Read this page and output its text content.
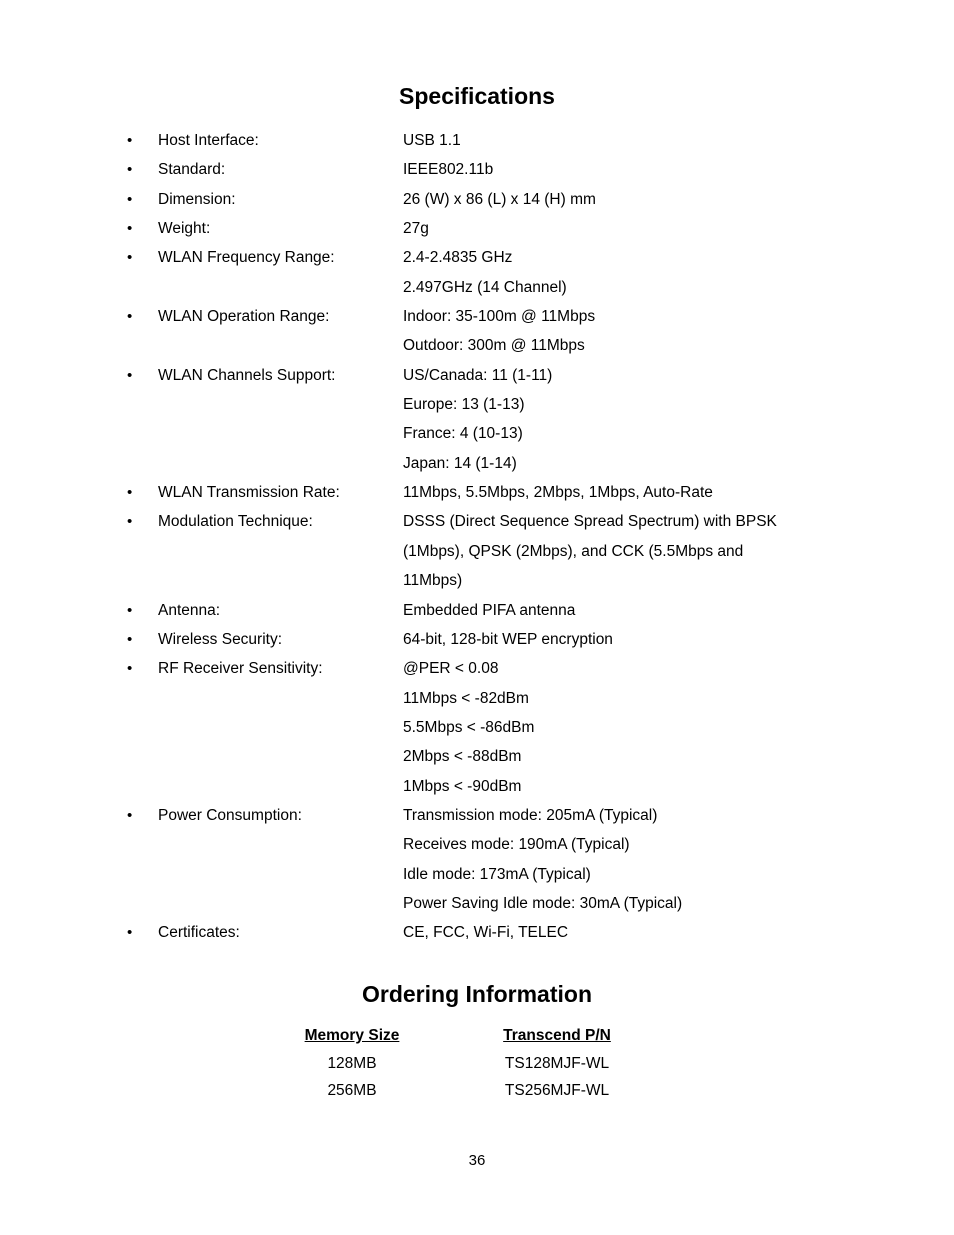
Specifications
• Host Interface:	USB 1.1
• Standard:	IEEE802.11b
• Dimension:	26 (W) x 86 (L) x 14 (H) mm
• Weight:	27g
• WLAN Frequency Range:	2.4-2.4835 GHz
2.497GHz (14 Channel)
• WLAN Operation Range:	Indoor: 35-100m @ 11Mbps
Outdoor: 300m @ 11Mbps
• WLAN Channels Support:	US/Canada: 11 (1-11)
Europe: 13 (1-13)
France: 4 (10-13)
Japan: 14 (1-14)
• WLAN Transmission Rate:	11Mbps, 5.5Mbps, 2Mbps, 1Mbps, Auto-Rate
• Modulation Technique:	DSSS (Direct Sequence Spread Spectrum) with BPSK
(1Mbps), QPSK (2Mbps), and CCK (5.5Mbps and
11Mbps)
• Antenna:	Embedded PIFA antenna
• Wireless Security:	64-bit, 128-bit WEP encryption
• RF Receiver Sensitivity:	@PER < 0.08
11Mbps < -82dBm
5.5Mbps < -86dBm
2Mbps < -88dBm
1Mbps < -90dBm
• Power Consumption:	Transmission mode: 205mA (Typical)
Receives mode: 190mA (Typical)
Idle mode: 173mA (Typical)
Power Saving Idle mode: 30mA (Typical)
• Certificates:	CE, FCC, Wi-Fi, TELEC
Ordering Information
Memory Size	Transcend P/N
128MB	TS128MJF-WL
256MB	TS256MJF-WL
36
